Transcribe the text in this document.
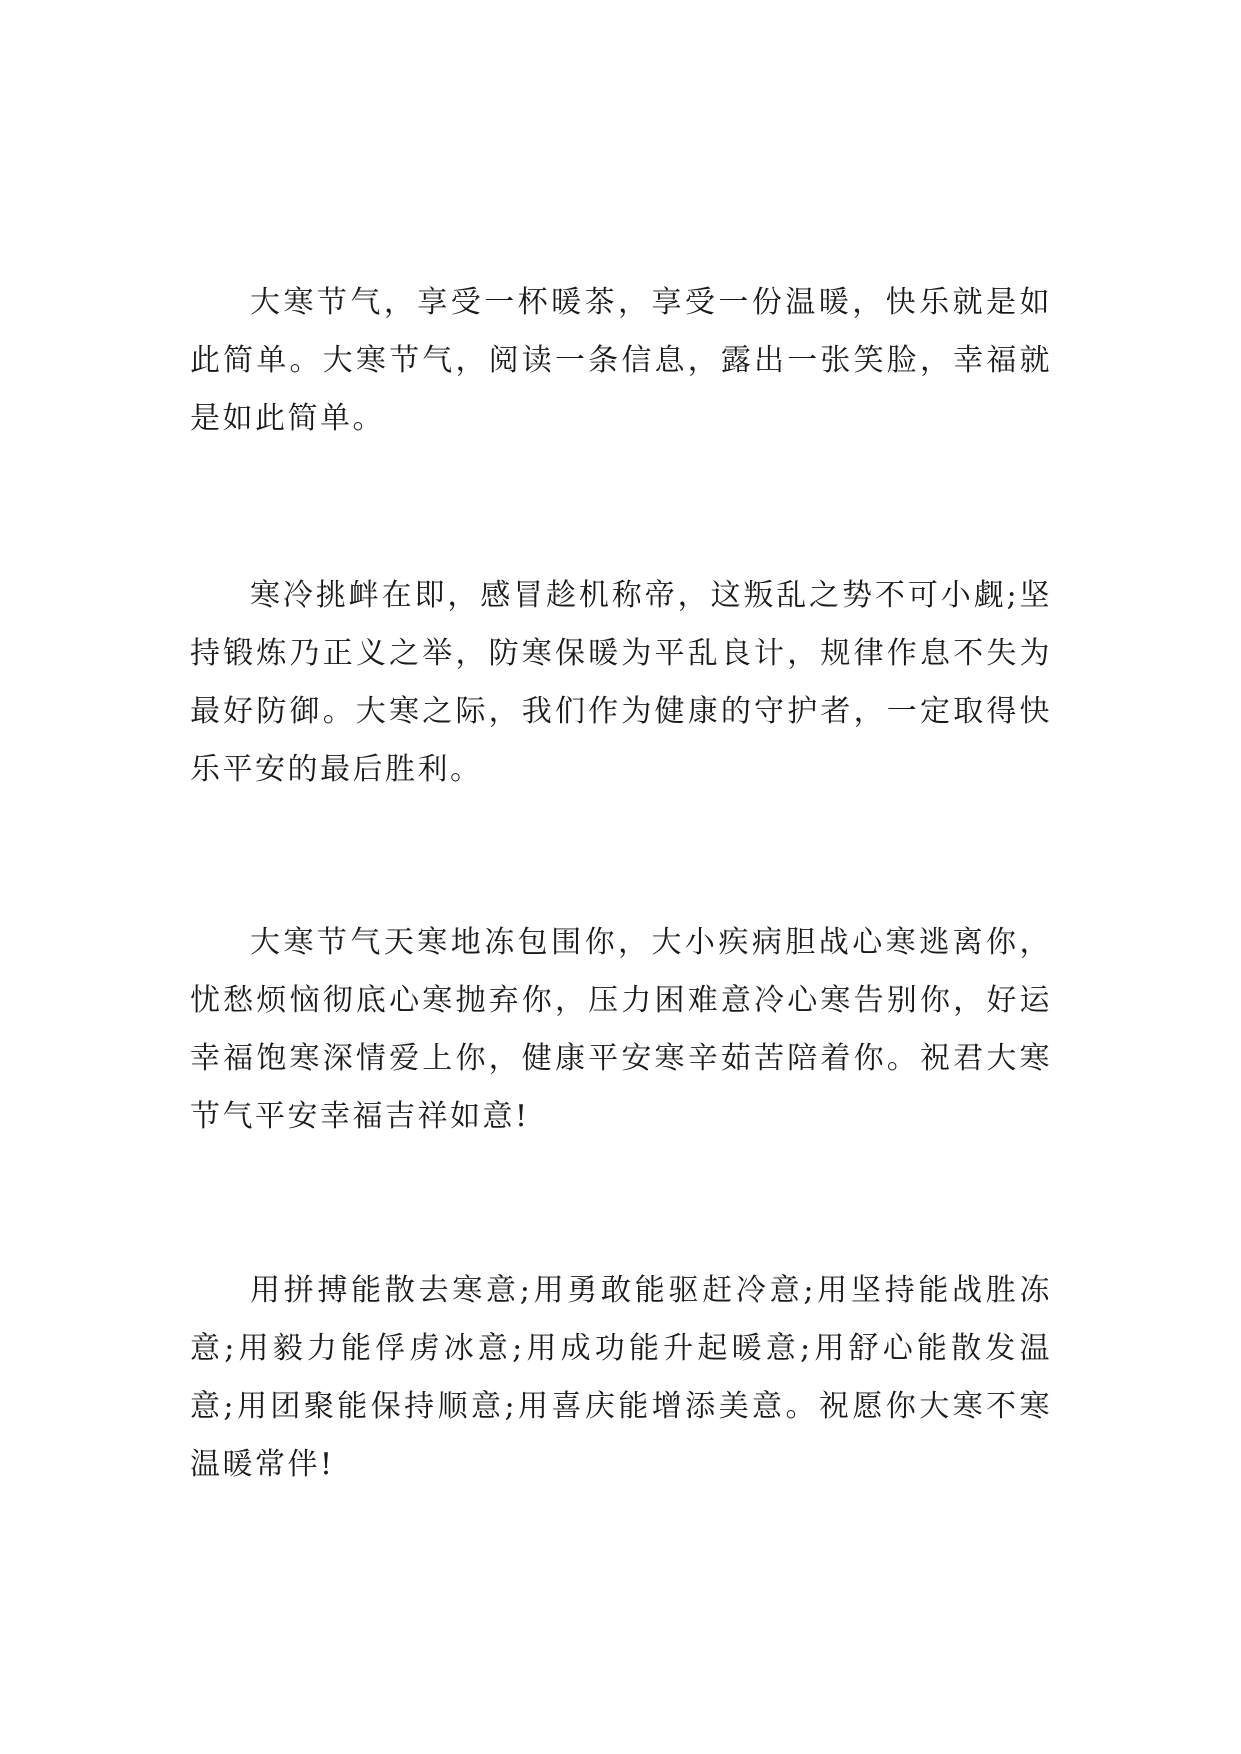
大寒节气，享受一杯暖茶，享受一份温暖，快乐就是如此简单。大寒节气，阅读一条信息，露出一张笑脸，幸福就是如此简单。

寒冷挑衅在即，感冒趁机称帝，这叛乱之势不可小觑;坚持锻炼乃正义之举，防寒保暖为平乱良计，规律作息不失为最好防御。大寒之际，我们作为健康的守护者，一定取得快乐平安的最后胜利。

大寒节气天寒地冻包围你，大小疾病胆战心寒逃离你，忧愁烦恼彻底心寒抛弃你，压力困难意冷心寒告别你，好运幸福饱寒深情爱上你，健康平安寒辛茹苦陪着你。祝君大寒节气平安幸福吉祥如意!

用拼搏能散去寒意;用勇敢能驱赶冷意;用坚持能战胜冻意;用毅力能俘虏冰意;用成功能升起暖意;用舒心能散发温意;用团聚能保持顺意;用喜庆能增添美意。祝愿你大寒不寒温暖常伴!
